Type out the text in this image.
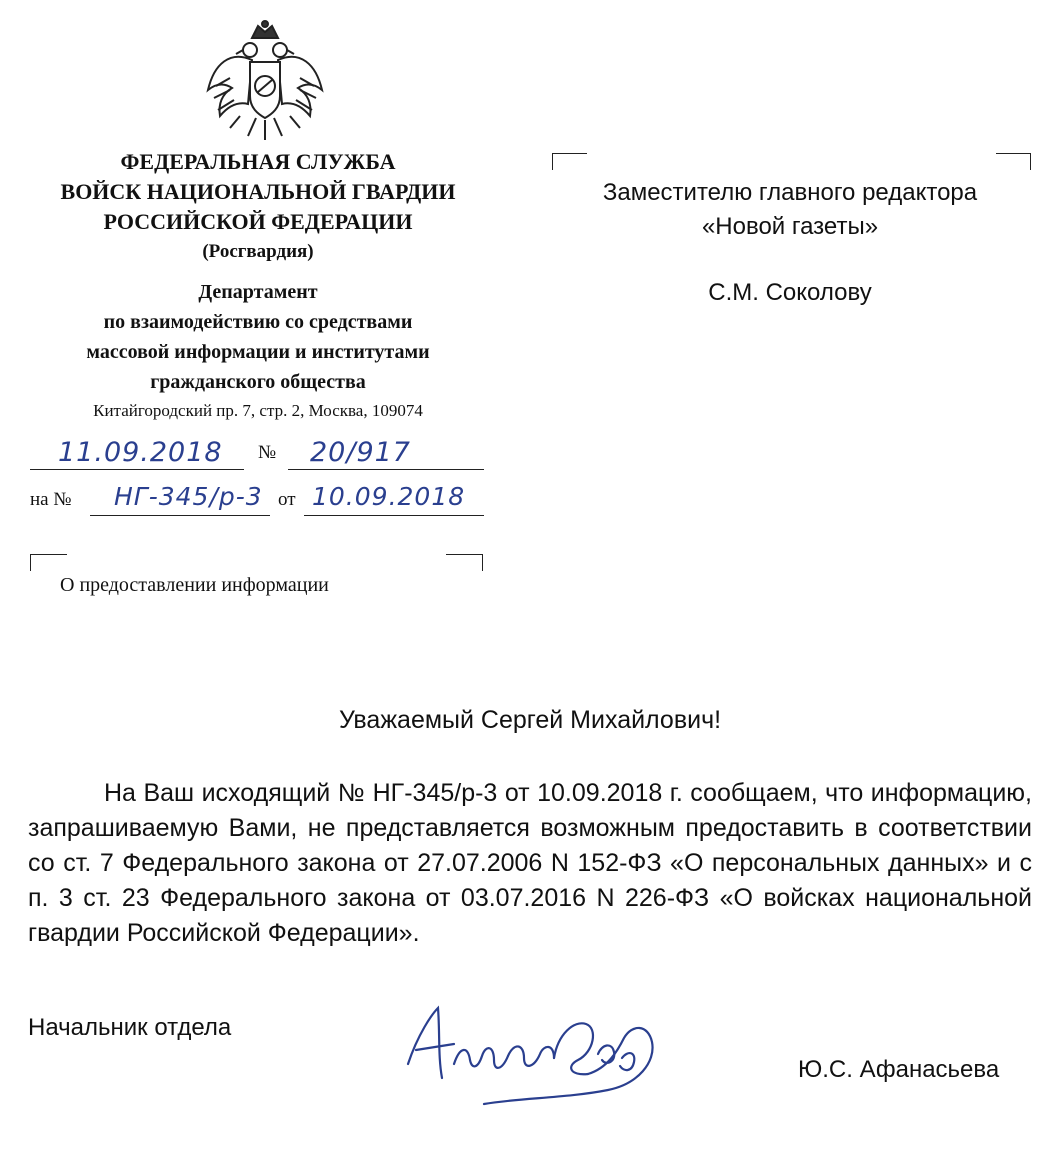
ФЕДЕРАЛЬНАЯ СЛУЖБА
ВОЙСК НАЦИОНАЛЬНОЙ ГВАРДИИ
РОССИЙСКОЙ ФЕДЕРАЦИИ
(Росгвардия)
Департамент
по взаимодействию со средствами
массовой информации и институтами
гражданского общества
Китайгородский пр. 7, стр. 2, Москва, 109074
11.09.2018 № 20/917
на № НГ-345/р-3 от 10.09.2018
О предоставлении информации
Заместителю главного редактора
«Новой газеты»
С.М. Соколову
Уважаемый Сергей Михайлович!

На Ваш исходящий № НГ-345/р-3 от 10.09.2018 г. сообщаем, что информацию, запрашиваемую Вами, не представляется возможным предоставить в соответствии со ст. 7 Федерального закона от 27.07.2006 N 152-ФЗ «О персональных данных» и с п. 3 ст. 23 Федерального закона от 03.07.2016 N 226-ФЗ «О войсках национальной гвардии Российской Федерации».

Начальник отдела
Ю.С. Афанасьева
